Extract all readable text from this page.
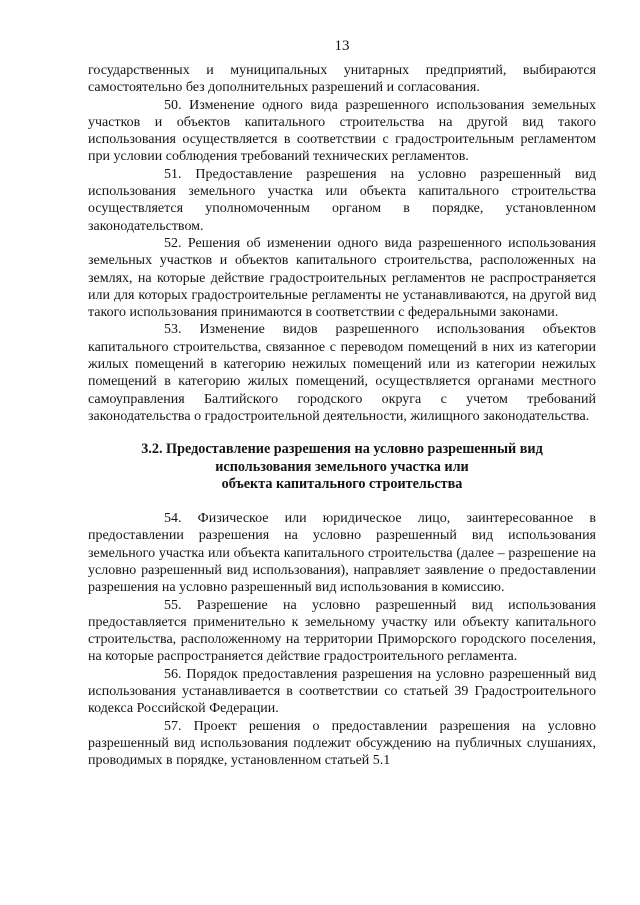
13

государственных и муниципальных унитарных предприятий, выбираются самостоятельно без дополнительных разрешений и согласования.

50. Изменение одного вида разрешенного использования земельных участков и объектов капитального строительства на другой вид такого использования осуществляется в соответствии с градостроительным регламентом при условии соблюдения требований технических регламентов.

51. Предоставление разрешения на условно разрешенный вид использования земельного участка или объекта капитального строительства осуществляется уполномоченным органом в порядке, установленном законодательством.

52. Решения об изменении одного вида разрешенного использования земельных участков и объектов капитального строительства, расположенных на землях, на которые действие градостроительных регламентов не распространяется или для которых градостроительные регламенты не устанавливаются, на другой вид такого использования принимаются в соответствии с федеральными законами.

53. Изменение видов разрешенного использования объектов капитального строительства, связанное с переводом помещений в них из категории жилых помещений в категорию нежилых помещений или из категории нежилых помещений в категорию жилых помещений, осуществляется органами местного самоуправления Балтийского городского округа с учетом требований законодательства о градостроительной деятельности, жилищного законодательства.

3.2. Предоставление разрешения на условно разрешенный вид
использования земельного участка или
объекта капитального строительства

54. Физическое или юридическое лицо, заинтересованное в предоставлении разрешения на условно разрешенный вид использования земельного участка или объекта капитального строительства (далее – разрешение на условно разрешенный вид использования), направляет заявление о предоставлении разрешения на условно разрешенный вид использования в комиссию.

55. Разрешение на условно разрешенный вид использования предоставляется применительно к земельному участку или объекту капитального строительства, расположенному на территории Приморского городского поселения, на которые распространяется действие градостроительного регламента.

56. Порядок предоставления разрешения на условно разрешенный вид использования устанавливается в соответствии со статьей 39 Градостроительного кодекса Российской Федерации.

57. Проект решения о предоставлении разрешения на условно разрешенный вид использования подлежит обсуждению на публичных слушаниях, проводимых в порядке, установленном статьей 5.1
